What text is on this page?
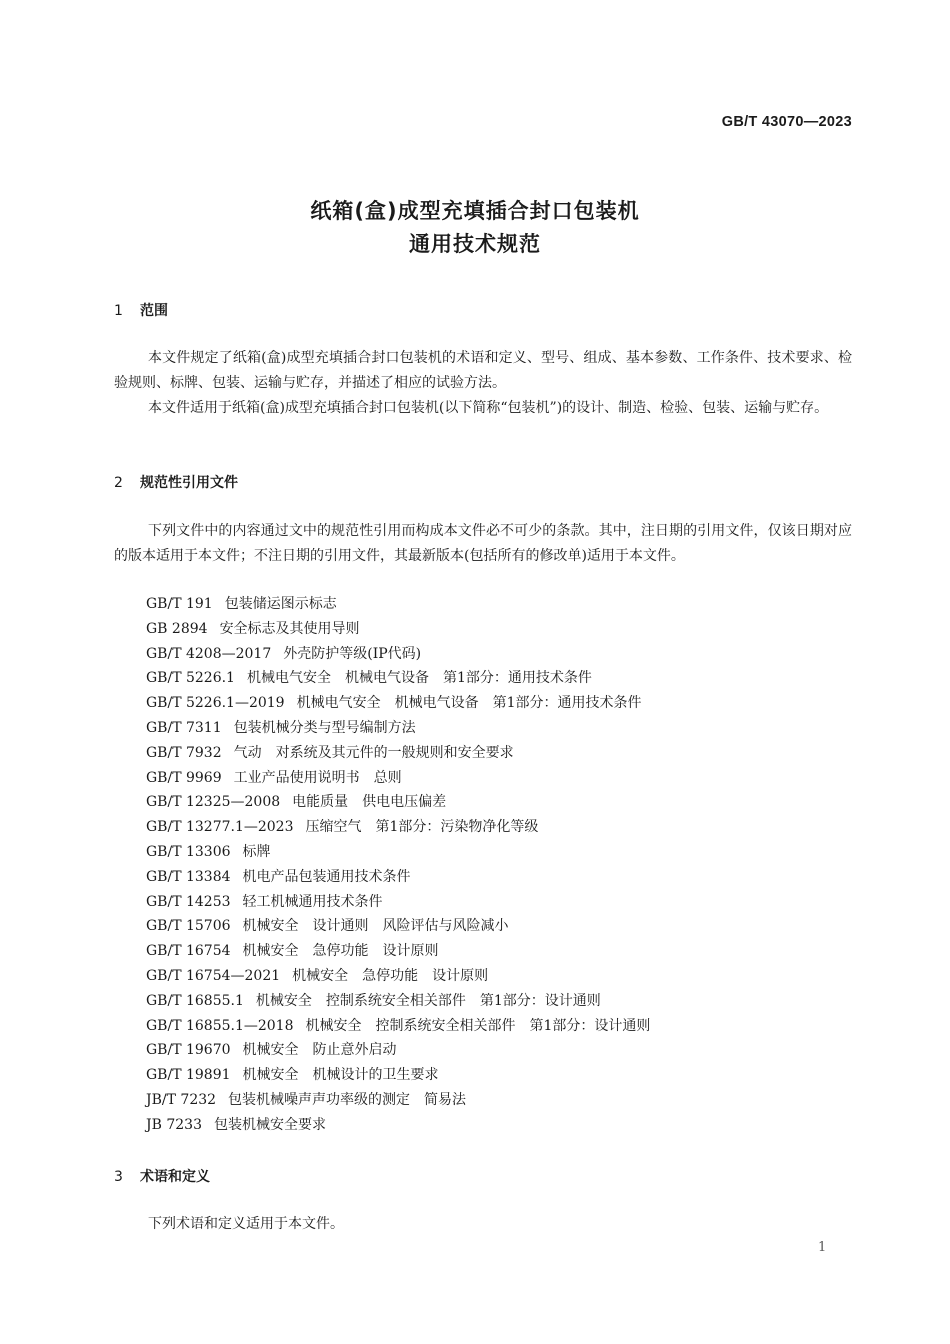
GB/T 43070—2023
纸箱(盒)成型充填插合封口包装机
通用技术规范
1 范围

本文件规定了纸箱(盒)成型充填插合封口包装机的术语和定义、型号、组成、基本参数、工作条件、技术要求、检验规则、标牌、包装、运输与贮存，并描述了相应的试验方法。

本文件适用于纸箱(盒)成型充填插合封口包装机(以下简称“包装机”)的设计、制造、检验、包装、运输与贮存。

2 规范性引用文件

下列文件中的内容通过文中的规范性引用而构成本文件必不可少的条款。其中，注日期的引用文件，仅该日期对应的版本适用于本文件；不注日期的引用文件，其最新版本(包括所有的修改单)适用于本文件。

GB/T 191 包装储运图示标志
GB 2894 安全标志及其使用导则
GB/T 4208—2017 外壳防护等级(IP代码)
GB/T 5226.1 机械电气安全　机械电气设备　第1部分：通用技术条件
GB/T 5226.1—2019 机械电气安全　机械电气设备　第1部分：通用技术条件
GB/T 7311 包装机械分类与型号编制方法
GB/T 7932 气动　对系统及其元件的一般规则和安全要求
GB/T 9969 工业产品使用说明书　总则
GB/T 12325—2008 电能质量　供电电压偏差
GB/T 13277.1—2023 压缩空气　第1部分：污染物净化等级
GB/T 13306 标牌
GB/T 13384 机电产品包装通用技术条件
GB/T 14253 轻工机械通用技术条件
GB/T 15706 机械安全　设计通则　风险评估与风险减小
GB/T 16754 机械安全　急停功能　设计原则
GB/T 16754—2021 机械安全　急停功能　设计原则
GB/T 16855.1 机械安全　控制系统安全相关部件　第1部分：设计通则
GB/T 16855.1—2018 机械安全　控制系统安全相关部件　第1部分：设计通则
GB/T 19670 机械安全　防止意外启动
GB/T 19891 机械安全　机械设计的卫生要求
JB/T 7232 包装机械噪声声功率级的测定　简易法
JB 7233 包装机械安全要求
3 术语和定义

下列术语和定义适用于本文件。

1
